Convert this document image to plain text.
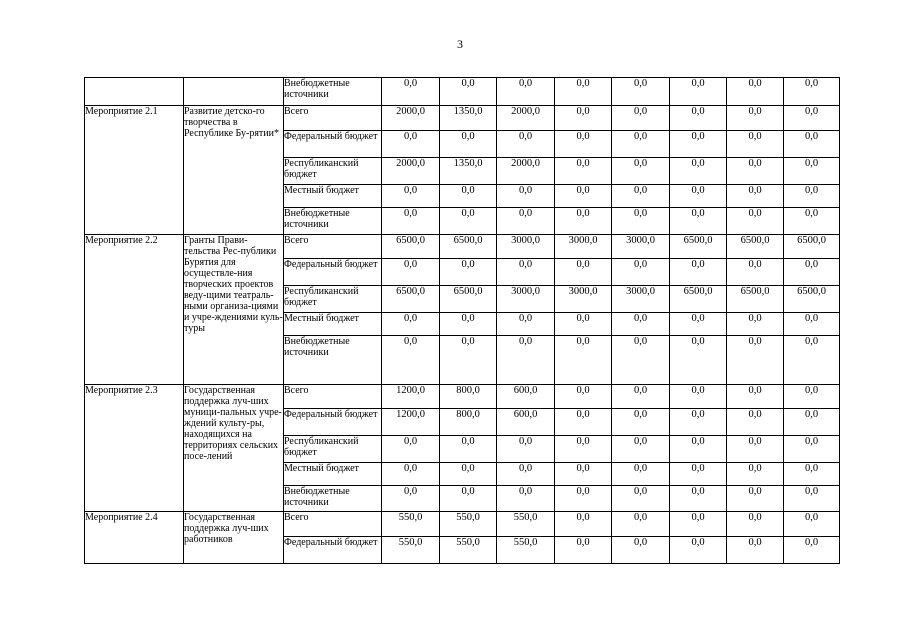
3
		Внебюджетные источники	0,0	0,0	0,0	0,0	0,0	0,0	0,0	0,0
Мероприятие 2.1	Развитие детско-го творчества в Республике Бу-рятии*	Всего	2000,0	1350,0	2000,0	0,0	0,0	0,0	0,0	0,0
		Федеральный бюджет	0,0	0,0	0,0	0,0	0,0	0,0	0,0	0,0
		Республиканский бюджет	2000,0	1350,0	2000,0	0,0	0,0	0,0	0,0	0,0
		Местный бюджет	0,0	0,0	0,0	0,0	0,0	0,0	0,0	0,0
		Внебюджетные источники	0,0	0,0	0,0	0,0	0,0	0,0	0,0	0,0
Мероприятие 2.2	Гранты Прави-тельства Рес-публики Бурятия для осуществле-ния творческих проектов веду-щими театраль-ными организа-циями и учре-ждениями куль-туры	Всего	6500,0	6500,0	3000,0	3000,0	3000,0	6500,0	6500,0	6500,0
		Федеральный бюджет	0,0	0,0	0,0	0,0	0,0	0,0	0,0	0,0
		Республиканский бюджет	6500,0	6500,0	3000,0	3000,0	3000,0	6500,0	6500,0	6500,0
		Местный бюджет	0,0	0,0	0,0	0,0	0,0	0,0	0,0	0,0
		Внебюджетные источники	0,0	0,0	0,0	0,0	0,0	0,0	0,0	0,0
Мероприятие 2.3	Государственная поддержка луч-ших муници-пальных учре-ждений культу-ры, находящихся на территориях сельских посе-лений	Всего	1200,0	800,0	600,0	0,0	0,0	0,0	0,0	0,0
		Федеральный бюджет	1200,0	800,0	600,0	0,0	0,0	0,0	0,0	0,0
		Республиканский бюджет	0,0	0,0	0,0	0,0	0,0	0,0	0,0	0,0
		Местный бюджет	0,0	0,0	0,0	0,0	0,0	0,0	0,0	0,0
		Внебюджетные источники	0,0	0,0	0,0	0,0	0,0	0,0	0,0	0,0
Мероприятие 2.4	Государственная поддержка луч-ших работников	Всего	550,0	550,0	550,0	0,0	0,0	0,0	0,0	0,0
		Федеральный бюджет	550,0	550,0	550,0	0,0	0,0	0,0	0,0	0,0
